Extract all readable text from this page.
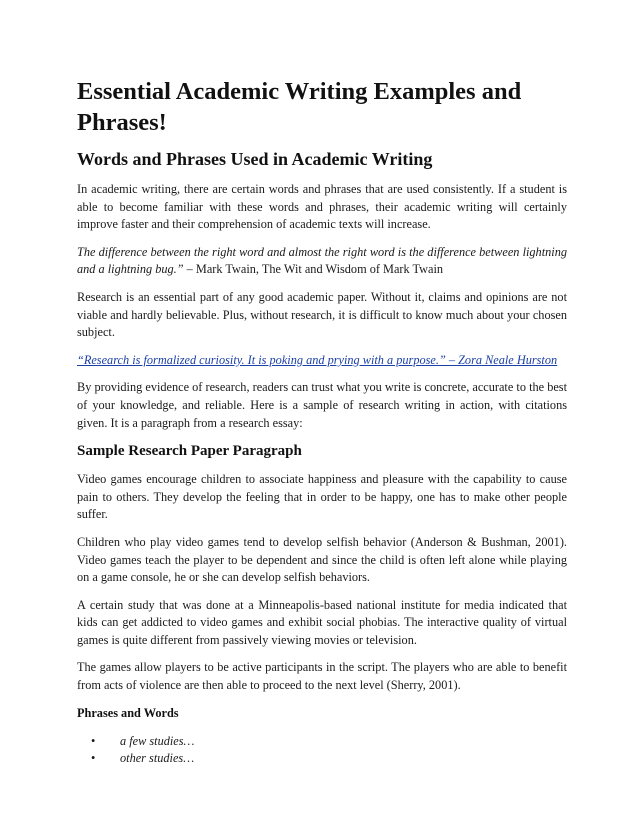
Essential Academic Writing Examples and Phrases!
Words and Phrases Used in Academic Writing

In academic writing, there are certain words and phrases that are used consistently. If a student is able to become familiar with these words and phrases, their academic writing will certainly improve faster and their comprehension of academic texts will increase.

The difference between the right word and almost the right word is the difference between lightning and a lightning bug.” – Mark Twain, The Wit and Wisdom of Mark Twain

Research is an essential part of any good academic paper. Without it, claims and opinions are not viable and hardly believable. Plus, without research, it is difficult to know much about your chosen subject.

“Research is formalized curiosity. It is poking and prying with a purpose.” – Zora Neale Hurston

By providing evidence of research, readers can trust what you write is concrete, accurate to the best of your knowledge, and reliable. Here is a sample of research writing in action, with citations given. It is a paragraph from a research essay:

Sample Research Paper Paragraph

Video games encourage children to associate happiness and pleasure with the capability to cause pain to others. They develop the feeling that in order to be happy, one has to make other people suffer.

Children who play video games tend to develop selfish behavior (Anderson & Bushman, 2001). Video games teach the player to be dependent and since the child is often left alone while playing on a game console, he or she can develop selfish behaviors.

A certain study that was done at a Minneapolis-based national institute for media indicated that kids can get addicted to video games and exhibit social phobias. The interactive quality of virtual games is quite different from passively viewing movies or television.

The games allow players to be active participants in the script. The players who are able to benefit from acts of violence are then able to proceed to the next level (Sherry, 2001).

Phrases and Words
• a few studies…
• other studies…
